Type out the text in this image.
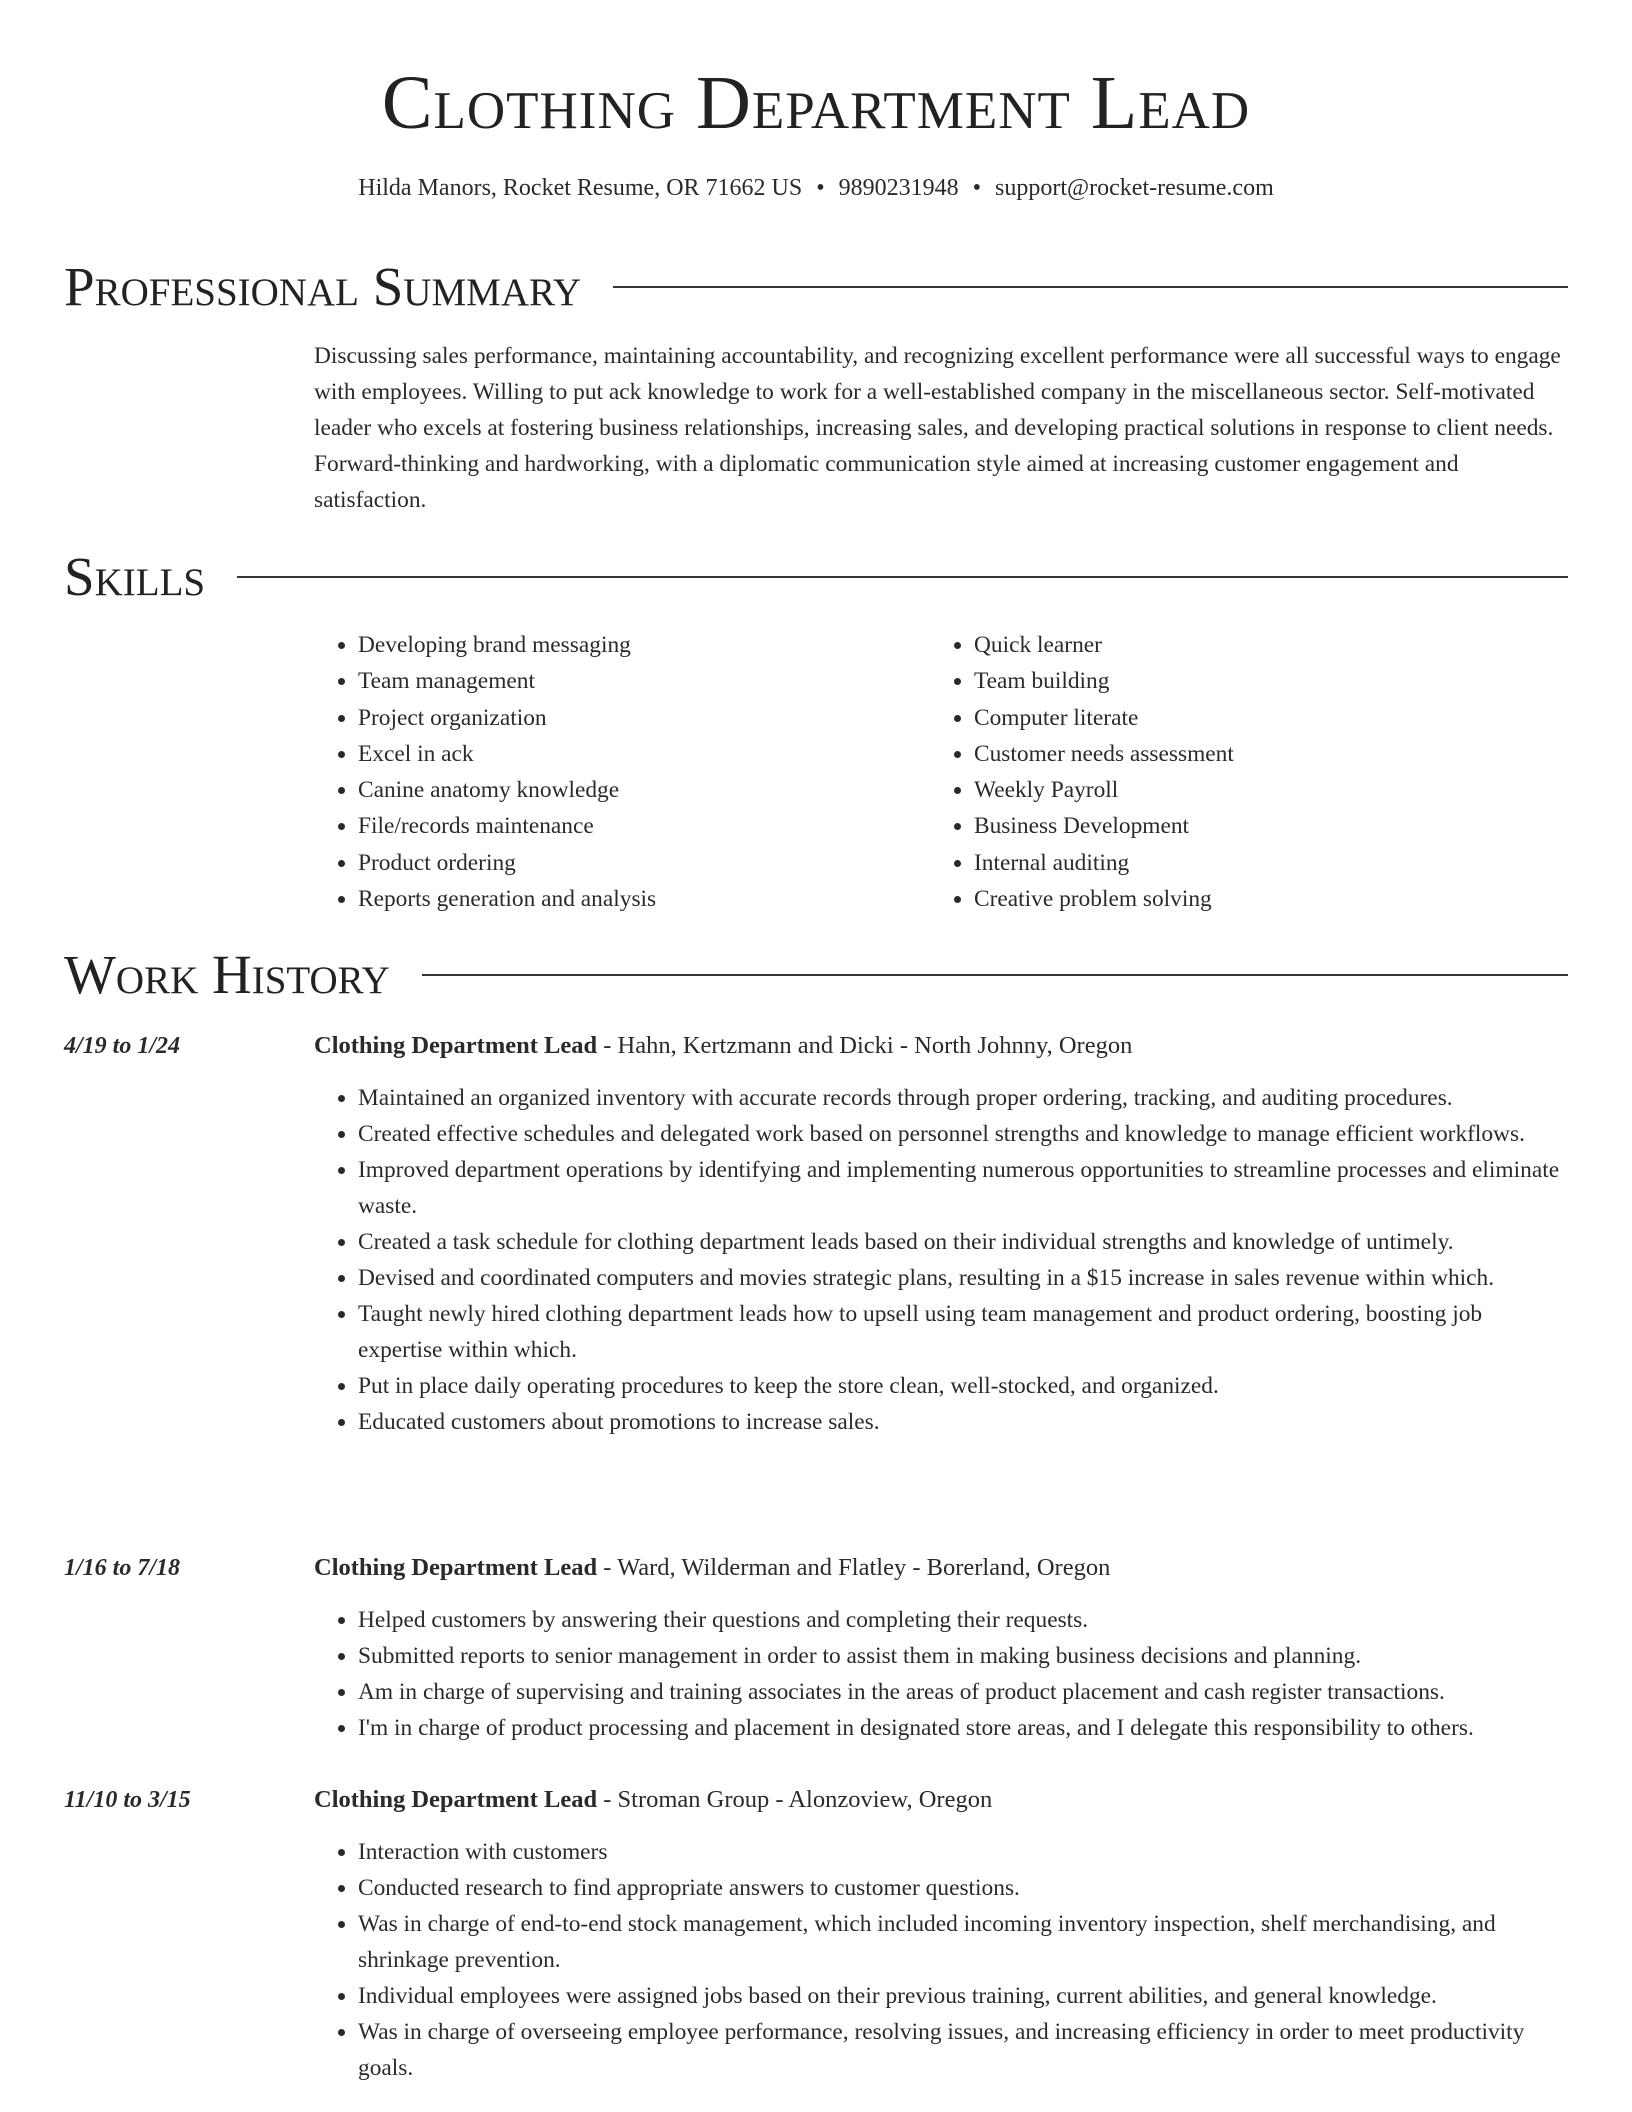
Clothing Department Lead
Hilda Manors, Rocket Resume, OR 71662 US • 9890231948 • support@rocket-resume.com
Professional Summary
Discussing sales performance, maintaining accountability, and recognizing excellent performance were all successful ways to engage with employees. Willing to put ack knowledge to work for a well-established company in the miscellaneous sector. Self-motivated leader who excels at fostering business relationships, increasing sales, and developing practical solutions in response to client needs. Forward-thinking and hardworking, with a diplomatic communication style aimed at increasing customer engagement and satisfaction.
Skills
• Developing brand messaging
• Team management
• Project organization
• Excel in ack
• Canine anatomy knowledge
• File/records maintenance
• Product ordering
• Reports generation and analysis
• Quick learner
• Team building
• Computer literate
• Customer needs assessment
• Weekly Payroll
• Business Development
• Internal auditing
• Creative problem solving
Work History
4/19 to 1/24	Clothing Department Lead - Hahn, Kertzmann and Dicki - North Johnny, Oregon
• Maintained an organized inventory with accurate records through proper ordering, tracking, and auditing procedures.
• Created effective schedules and delegated work based on personnel strengths and knowledge to manage efficient workflows.
• Improved department operations by identifying and implementing numerous opportunities to streamline processes and eliminate waste.
• Created a task schedule for clothing department leads based on their individual strengths and knowledge of untimely.
• Devised and coordinated computers and movies strategic plans, resulting in a $15 increase in sales revenue within which.
• Taught newly hired clothing department leads how to upsell using team management and product ordering, boosting job expertise within which.
• Put in place daily operating procedures to keep the store clean, well-stocked, and organized.
• Educated customers about promotions to increase sales.
1/16 to 7/18	Clothing Department Lead - Ward, Wilderman and Flatley - Borerland, Oregon
• Helped customers by answering their questions and completing their requests.
• Submitted reports to senior management in order to assist them in making business decisions and planning.
• Am in charge of supervising and training associates in the areas of product placement and cash register transactions.
• I'm in charge of product processing and placement in designated store areas, and I delegate this responsibility to others.
11/10 to 3/15	Clothing Department Lead - Stroman Group - Alonzoview, Oregon
• Interaction with customers
• Conducted research to find appropriate answers to customer questions.
• Was in charge of end-to-end stock management, which included incoming inventory inspection, shelf merchandising, and shrinkage prevention.
• Individual employees were assigned jobs based on their previous training, current abilities, and general knowledge.
• Was in charge of overseeing employee performance, resolving issues, and increasing efficiency in order to meet productivity goals.
